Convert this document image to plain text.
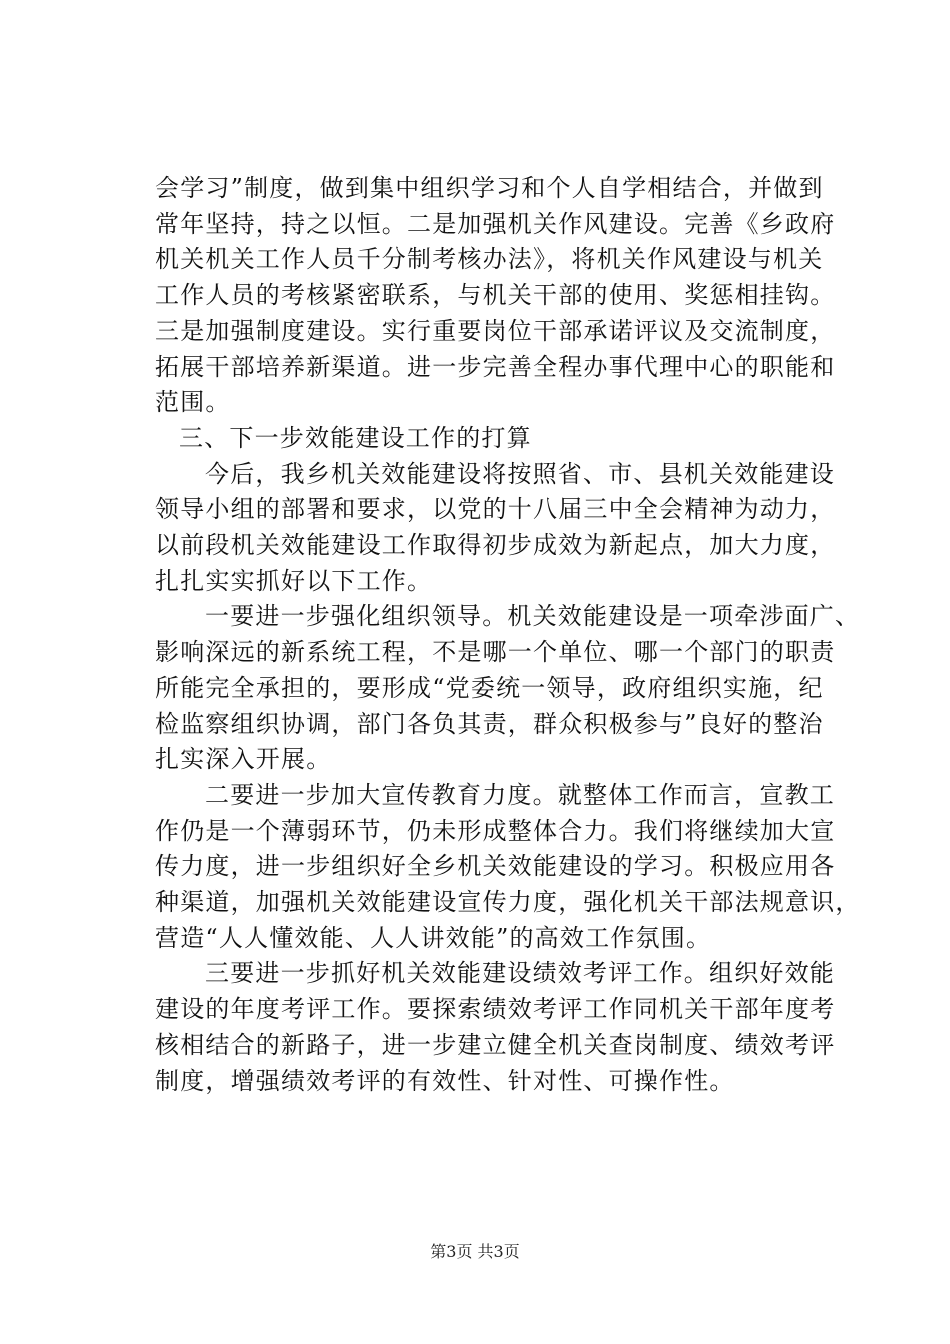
会学习”制度，做到集中组织学习和个人自学相结合，并做到
常年坚持，持之以恒。二是加强机关作风建设。完善《乡政府
机关机关工作人员千分制考核办法》，将机关作风建设与机关
工作人员的考核紧密联系，与机关干部的使用、奖惩相挂钩。
三是加强制度建设。实行重要岗位干部承诺评议及交流制度，
拓展干部培养新渠道。进一步完善全程办事代理中心的职能和
范围。

三、下一步效能建设工作的打算

今后，我乡机关效能建设将按照省、市、县机关效能建设
领导小组的部署和要求，以党的十八届三中全会精神为动力，
以前段机关效能建设工作取得初步成效为新起点，加大力度，
扎扎实实抓好以下工作。

一要进一步强化组织领导。机关效能建设是一项牵涉面广、
影响深远的新系统工程，不是哪一个单位、哪一个部门的职责
所能完全承担的，要形成“党委统一领导，政府组织实施，纪
检监察组织协调，部门各负其责，群众积极参与”良好的整治
扎实深入开展。

二要进一步加大宣传教育力度。就整体工作而言，宣教工
作仍是一个薄弱环节，仍未形成整体合力。我们将继续加大宣
传力度，进一步组织好全乡机关效能建设的学习。积极应用各
种渠道，加强机关效能建设宣传力度，强化机关干部法规意识，
营造“人人懂效能、人人讲效能”的高效工作氛围。

三要进一步抓好机关效能建设绩效考评工作。组织好效能
建设的年度考评工作。要探索绩效考评工作同机关干部年度考
核相结合的新路子，进一步建立健全机关查岗制度、绩效考评
制度，增强绩效考评的有效性、针对性、可操作性。

第3页 共3页
